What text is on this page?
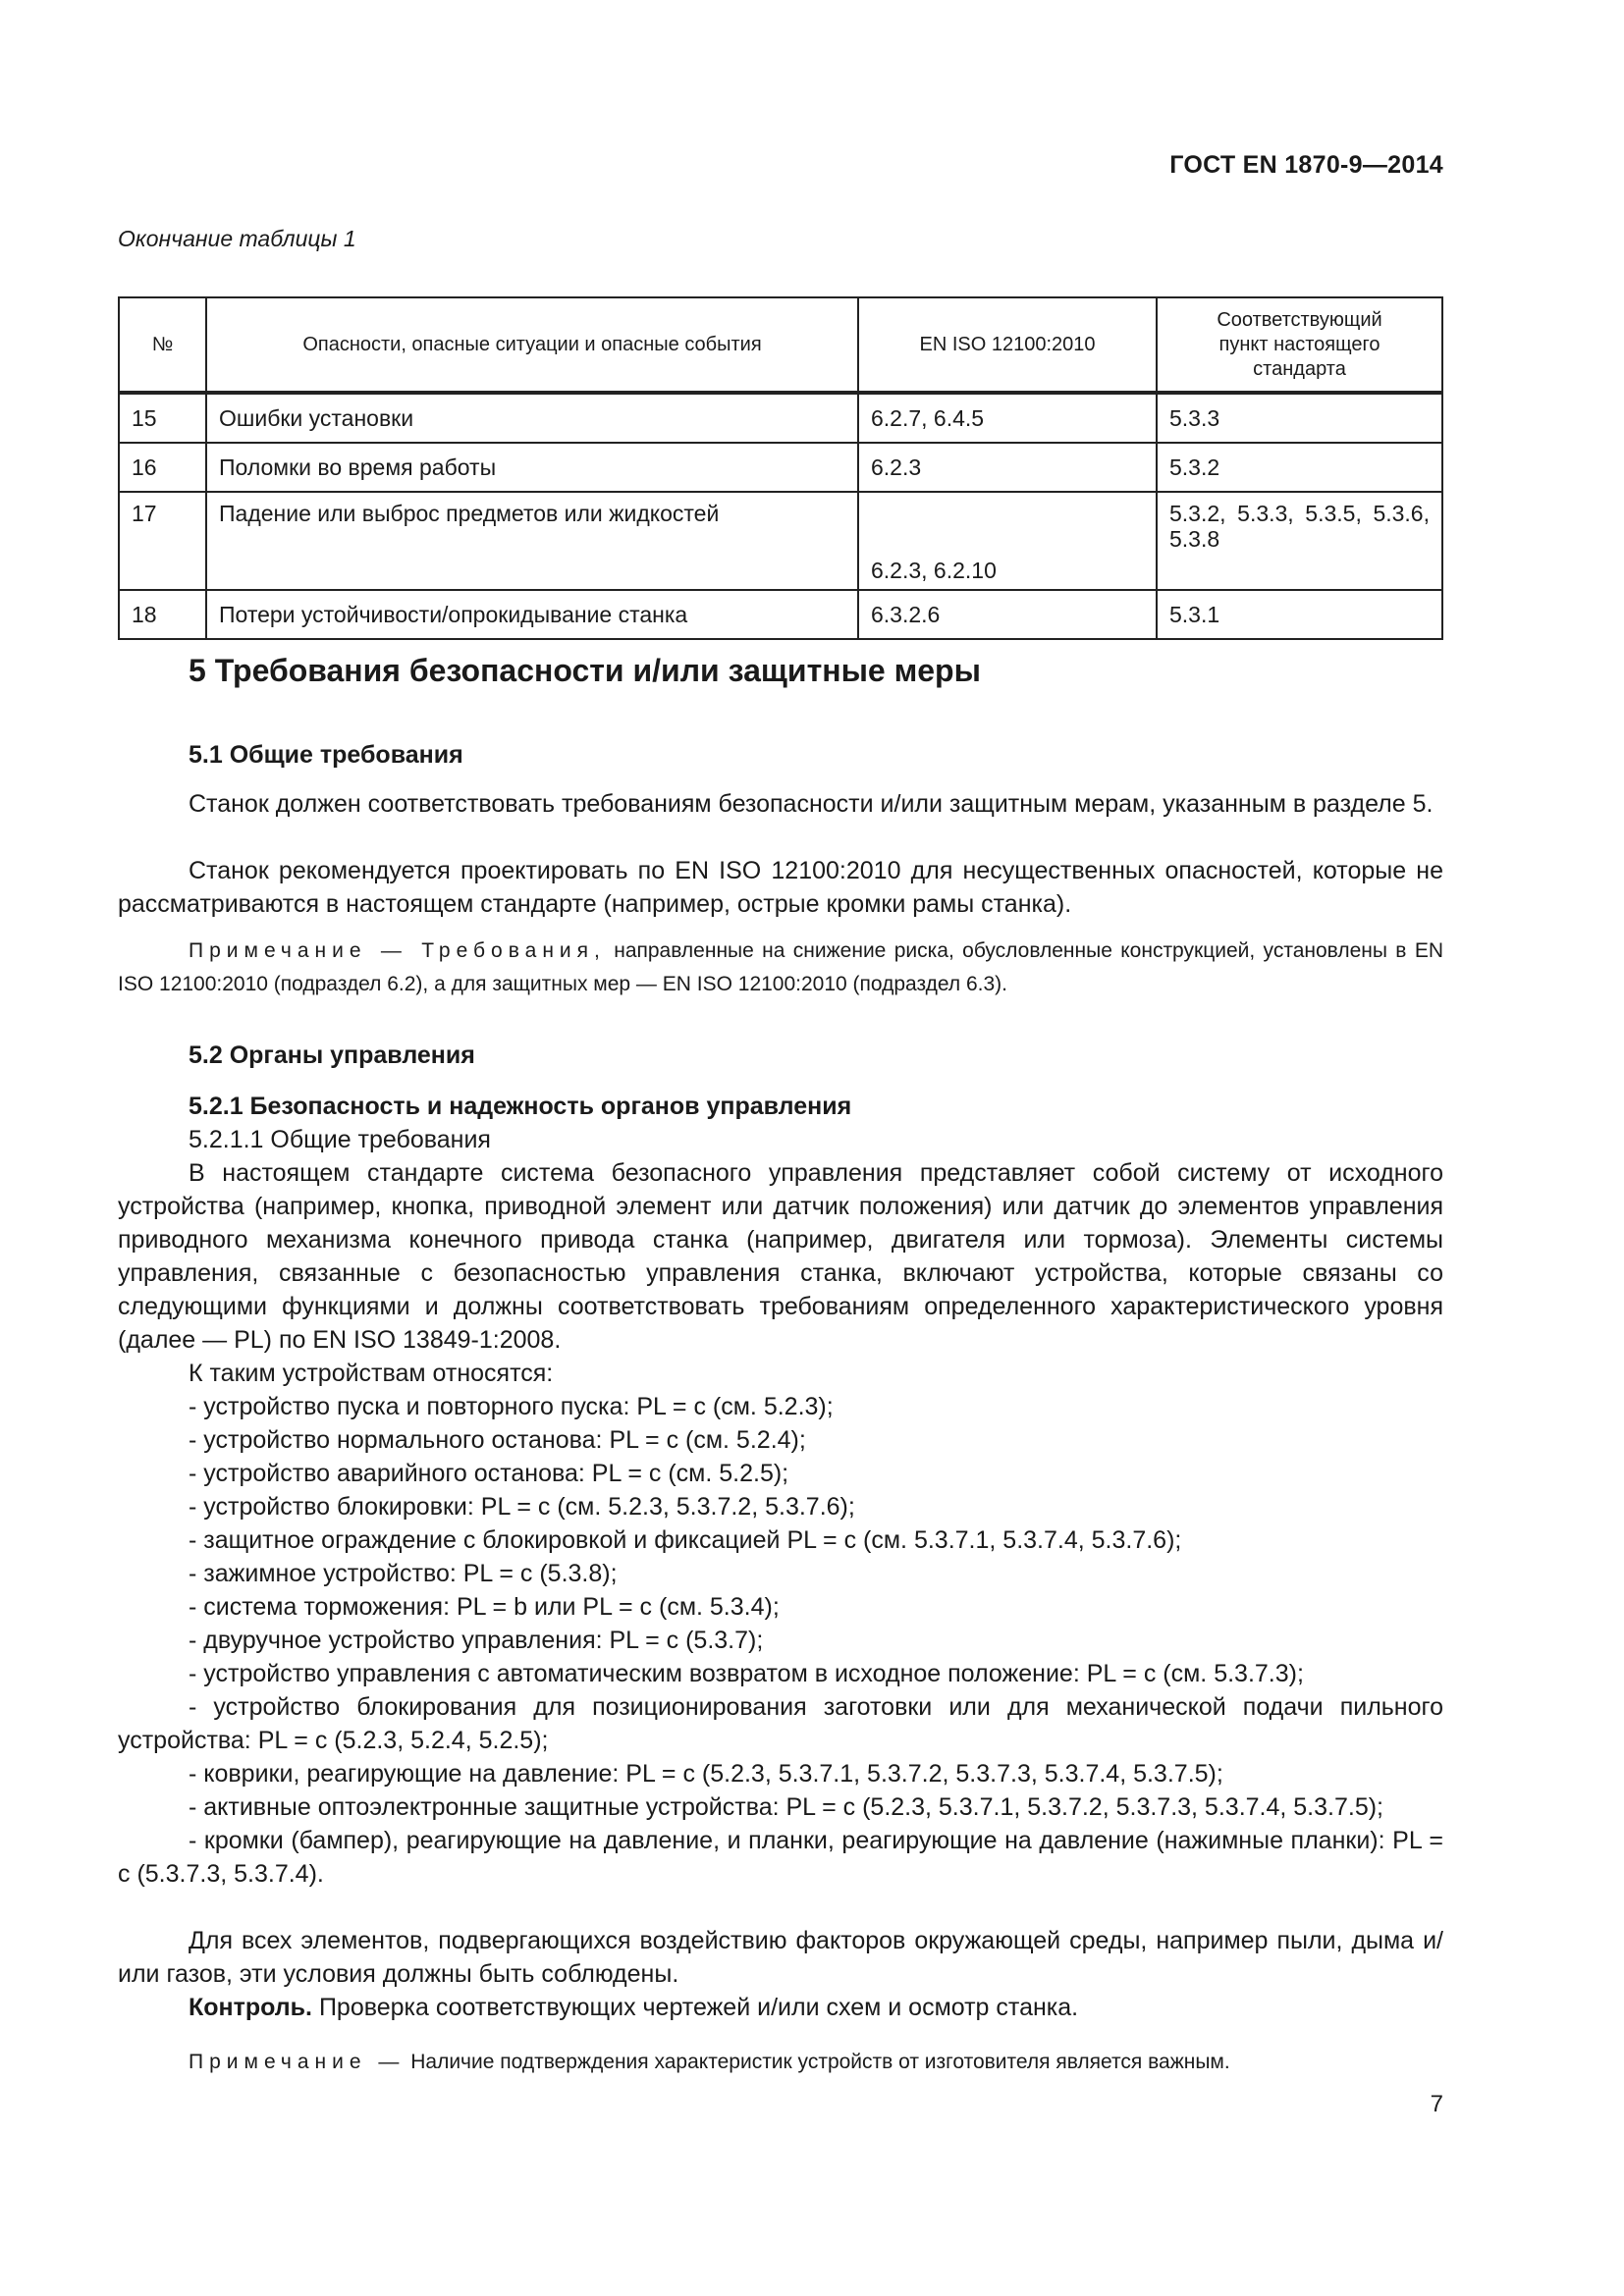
ГОСТ EN 1870-9—2014
Окончание таблицы 1
№	Опасности, опасные ситуации и опасные события	EN ISO 12100:2010	Соответствующий пункт настоящего стандарта
15	Ошибки установки	6.2.7, 6.4.5	5.3.3
16	Поломки во время работы	6.2.3	5.3.2
17	Падение или выброс предметов или жидкостей	6.2.3, 6.2.10	5.3.2, 5.3.3, 5.3.5, 5.3.6,
5.3.8

18	Потери устойчивости/опрокидывание станка	6.3.2.6	5.3.1
5 Требования безопасности и/или защитные меры
5.1 Общие требования
Станок должен соответствовать требованиям безопасности и/или защитным мерам, указанным в разделе 5.
Станок рекомендуется проектировать по EN ISO 12100:2010 для несущественных опасностей, которые не рассматриваются в настоящем стандарте (например, острые кромки рамы станка).
Примечание — Требования, направленные на снижение риска, обусловленные конструкцией, установлены в EN ISO 12100:2010 (подраздел 6.2), а для защитных мер — EN ISO 12100:2010 (подраздел 6.3).
5.2 Органы управления
5.2.1 Безопасность и надежность органов управления
5.2.1.1 Общие требования
В настоящем стандарте система безопасного управления представляет собой систему от исходного устройства (например, кнопка, приводной элемент или датчик положения) или датчик до элементов управления приводного механизма конечного привода станка (например, двигателя или тормоза). Элементы системы управления, связанные с безопасностью управления станка, включают устройства, которые связаны со следующими функциями и должны соответствовать требованиям определенного характеристического уровня (далее — PL) по EN ISO 13849-1:2008.
К таким устройствам относятся:
- устройство пуска и повторного пуска: PL = c (см. 5.2.3);
- устройство нормального останова: PL = c (см. 5.2.4);
- устройство аварийного останова: PL = c (см. 5.2.5);
- устройство блокировки: PL = c (см. 5.2.3, 5.3.7.2, 5.3.7.6);
- защитное ограждение с блокировкой и фиксацией PL = c (см. 5.3.7.1, 5.3.7.4, 5.3.7.6);
- зажимное устройство: PL = c (5.3.8);
- система торможения: PL = b или PL = c (см. 5.3.4);
- двуручное устройство управления: PL = c (5.3.7);
- устройство управления с автоматическим возвратом в исходное положение: PL = c (см. 5.3.7.3);
- устройство блокирования для позиционирования заготовки или для механической подачи пильного устройства: PL = c (5.2.3, 5.2.4, 5.2.5);
- коврики, реагирующие на давление: PL = c (5.2.3, 5.3.7.1, 5.3.7.2, 5.3.7.3, 5.3.7.4, 5.3.7.5);
- активные оптоэлектронные защитные устройства: PL = c (5.2.3, 5.3.7.1, 5.3.7.2, 5.3.7.3, 5.3.7.4, 5.3.7.5);
- кромки (бампер), реагирующие на давление, и планки, реагирующие на давление (нажимные планки): PL = c (5.3.7.3, 5.3.7.4).
Для всех элементов, подвергающихся воздействию факторов окружающей среды, например пыли, дыма и/или газов, эти условия должны быть соблюдены.
Контроль. Проверка соответствующих чертежей и/или схем и осмотр станка.
Примечание — Наличие подтверждения характеристик устройств от изготовителя является важным.
7
